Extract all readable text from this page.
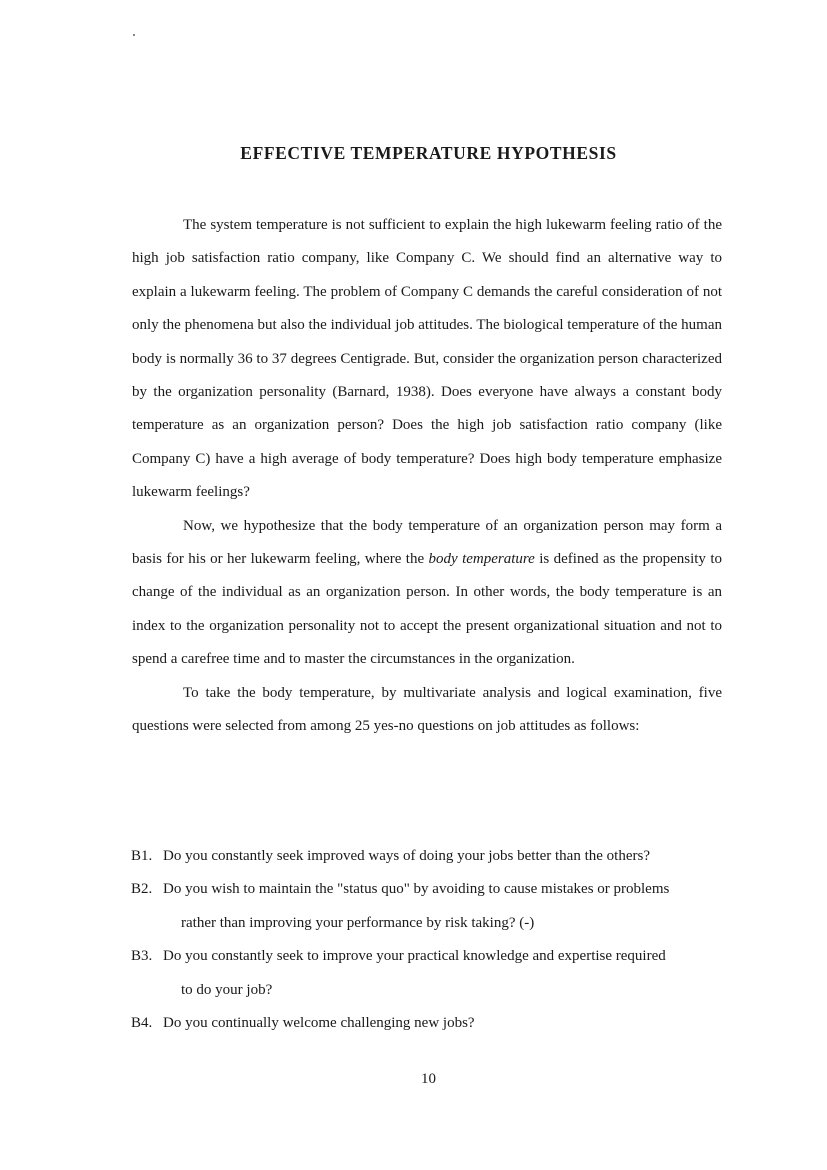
EFFECTIVE TEMPERATURE HYPOTHESIS

The system temperature is not sufficient to explain the high lukewarm feeling ratio of the high job satisfaction ratio company, like Company C. We should find an alternative way to explain a lukewarm feeling. The problem of Company C demands the careful consideration of not only the phenomena but also the individual job attitudes. The biological temperature of the human body is normally 36 to 37 degrees Centigrade. But, consider the organization person characterized by the organization personality (Barnard, 1938). Does everyone have always a constant body temperature as an organization person? Does the high job satisfaction ratio company (like Company C) have a high average of body temperature? Does high body temperature emphasize lukewarm feelings?

Now, we hypothesize that the body temperature of an organization person may form a basis for his or her lukewarm feeling, where the body temperature is defined as the propensity to change of the individual as an organization person. In other words, the body temperature is an index to the organization personality not to accept the present organizational situation and not to spend a carefree time and to master the circumstances in the organization.

To take the body temperature, by multivariate analysis and logical examination, five questions were selected from among 25 yes-no questions on job attitudes as follows:

B1. Do you constantly seek improved ways of doing your jobs better than the others?
B2. Do you wish to maintain the "status quo" by avoiding to cause mistakes or problems
rather than improving your performance by risk taking? (-)
B3. Do you constantly seek to improve your practical knowledge and expertise required
to do your job?
B4. Do you continually welcome challenging new jobs?
10
